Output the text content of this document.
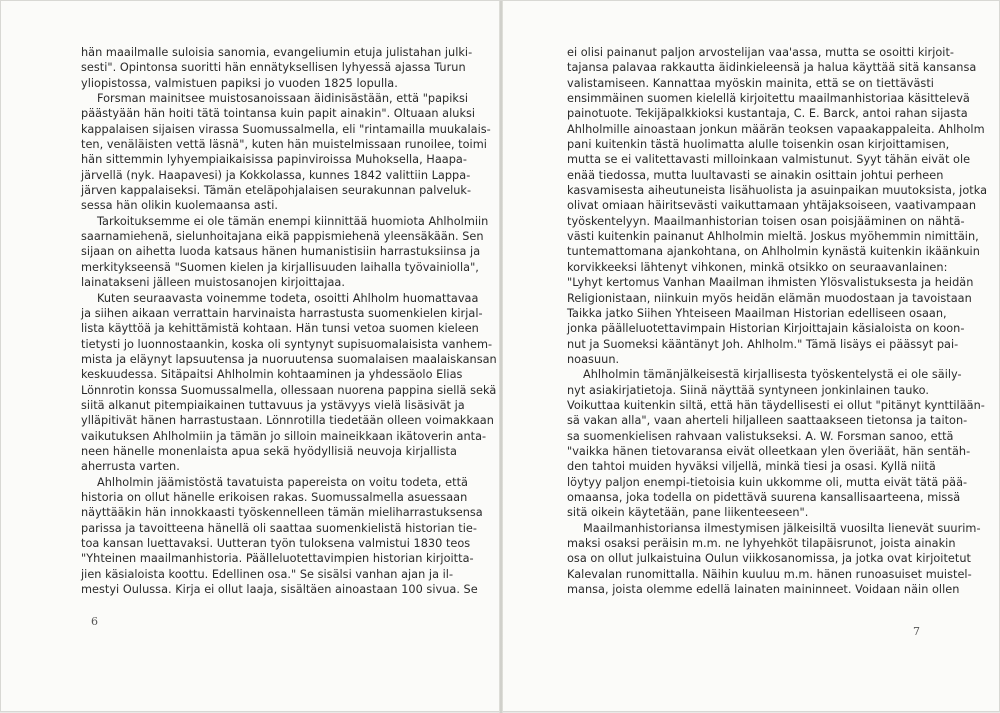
hän maailmalle suloisia sanomia, evangeliumin etuja julistahan julki-
sesti". Opintonsa suoritti hän ennätyksellisen lyhyessä ajassa Turun
yliopistossa, valmistuen papiksi jo vuoden 1825 lopulla.
Forsman mainitsee muistosanoissaan äidinisästään, että "papiksi
päästyään hän hoiti tätä tointansa kuin papit ainakin". Oltuaan aluksi
kappalaisen sijaisen virassa Suomussalmella, eli "rintamailla muukalais-
ten, venäläisten vettä läsnä", kuten hän muistelmissaan runoilee, toimi
hän sittemmin lyhyempiaikaisissa papinviroissa Muhoksella, Haapa-
järvellä (nyk. Haapavesi) ja Kokkolassa, kunnes 1842 valittiin Lappa-
järven kappalaiseksi. Tämän eteläpohjalaisen seurakunnan palveluk-
sessa hän olikin kuolemaansa asti.
Tarkoituksemme ei ole tämän enempi kiinnittää huomiota Ahlholmiin
saarnamiehenä, sielunhoitajana eikä pappismiehenä yleensäkään. Sen
sijaan on aihetta luoda katsaus hänen humanistisiin harrastuksiinsa ja
merkitykseensä "Suomen kielen ja kirjallisuuden laihalla työvainiolla",
lainatakseni jälleen muistosanojen kirjoittajaa.
Kuten seuraavasta voinemme todeta, osoitti Ahlholm huomattavaa
ja siihen aikaan verrattain harvinaista harrastusta suomenkielen kirjal-
lista käyttöä ja kehittämistä kohtaan. Hän tunsi vetoa suomen kieleen
tietysti jo luonnostaankin, koska oli syntynyt supisuomalaisista vanhem-
mista ja eläynyt lapsuutensa ja nuoruutensa suomalaisen maalaiskansan
keskuudessa. Sitäpaitsi Ahlholmin kohtaaminen ja yhdessäolo Elias
Lönnrotin konssa Suomussalmella, ollessaan nuorena pappina siellä sekä
siitä alkanut pitempiaikainen tuttavuus ja ystävyys vielä lisäsivät ja
ylläpitivät hänen harrastustaan. Lönnrotilla tiedetään olleen voimakkaan
vaikutuksen Ahlholmiin ja tämän jo silloin maineikkaan ikätoverin anta-
neen hänelle monenlaista apua sekä hyödyllisiä neuvoja kirjallista
aherrusta varten.
Ahlholmin jäämistöstä tavatuista papereista on voitu todeta, että
historia on ollut hänelle erikoisen rakas. Suomussalmella asuessaan
näyttääkin hän innokkaasti työskennelleen tämän mieliharrastuksensa
parissa ja tavoitteena hänellä oli saattaa suomenkielistä historian tie-
toa kansan luettavaksi. Uutteran työn tuloksena valmistui 1830 teos
"Yhteinen maailmanhistoria. Päälleluotettavimpien historian kirjoitta-
jien käsialoista koottu. Edellinen osa." Se sisälsi vanhan ajan ja il-
mestyi Oulussa. Kirja ei ollut laaja, sisältäen ainoastaan 100 sivua. Se
6
ei olisi painanut paljon arvostelijan vaa'assa, mutta se osoitti kirjoit-
tajansa palavaa rakkautta äidinkieleensä ja halua käyttää sitä kansansa
valistamiseen. Kannattaa myöskin mainita, että se on tiettävästi
ensimmäinen suomen kielellä kirjoitettu maailmanhistoriaa käsittelevä
painotuote. Tekijäpalkkioksi kustantaja, C. E. Barck, antoi rahan sijasta
Ahlholmille ainoastaan jonkun määrän teoksen vapaakappaleita. Ahlholm
pani kuitenkin tästä huolimatta alulle toisenkin osan kirjoittamisen,
mutta se ei valitettavasti milloinkaan valmistunut. Syyt tähän eivät ole
enää tiedossa, mutta luultavasti se ainakin osittain johtui perheen
kasvamisesta aiheutuneista lisähuolista ja asuinpaikan muutoksista, jotka
olivat omiaan häiritsevästi vaikuttamaan yhtäjaksoiseen, vaativampaan
työskentelyyn. Maailmanhistorian toisen osan poisjääminen on nähtä-
västi kuitenkin painanut Ahlholmin mieltä. Joskus myöhemmin nimittäin,
tuntemattomana ajankohtana, on Ahlholmin kynästä kuitenkin ikäänkuin
korvikkeeksi lähtenyt vihkonen, minkä otsikko on seuraavanlainen:
"Lyhyt kertomus Vanhan Maailman ihmisten Ylösvalistuksesta ja heidän
Religionistaan, niinkuin myös heidän elämän muodostaan ja tavoistaan
Taikka jatko Siihen Yhteiseen Maailman Historian edelliseen osaan,
jonka päälleluotettavimpain Historian Kirjoittajain käsialoista on koon-
nut ja Suomeksi kääntänyt Joh. Ahlholm." Tämä lisäys ei päässyt pai-
noasuun.
Ahlholmin tämänjälkeisestä kirjallisesta työskentelystä ei ole säily-
nyt asiakirjatietoja. Siinä näyttää syntyneen jonkinlainen tauko.
Voikuttaa kuitenkin siltä, että hän täydellisesti ei ollut "pitänyt kynttilään-
sä vakan alla", vaan aherteli hiljalleen saattaakseen tietonsa ja taiton-
sa suomenkielisen rahvaan valistukseksi. A. W. Forsman sanoo, että
"vaikka hänen tietovaransa eivät olleetkaan ylen överiäät, hän sentäh-
den tahtoi muiden hyväksi viljellä, minkä tiesi ja osasi. Kyllä niitä
löytyy paljon enempi-tietoisia kuin ukkomme oli, mutta eivät tätä pää-
omaansa, joka todella on pidettävä suurena kansallisaarteena, missä
sitä oikein käytetään, pane liikenteeseen".
Maailmanhistoriansa ilmestymisen jälkeisiltä vuosilta lienevät suurim-
maksi osaksi peräisin m.m. ne lyhyehköt tilapäisrunot, joista ainakin
osa on ollut julkaistuina Oulun viikkosanomissa, ja jotka ovat kirjoitetut
Kalevalan runomittalla. Näihin kuuluu m.m. hänen runoasuiset muistel-
mansa, joista olemme edellä lainaten maininneet. Voidaan näin ollen
7
